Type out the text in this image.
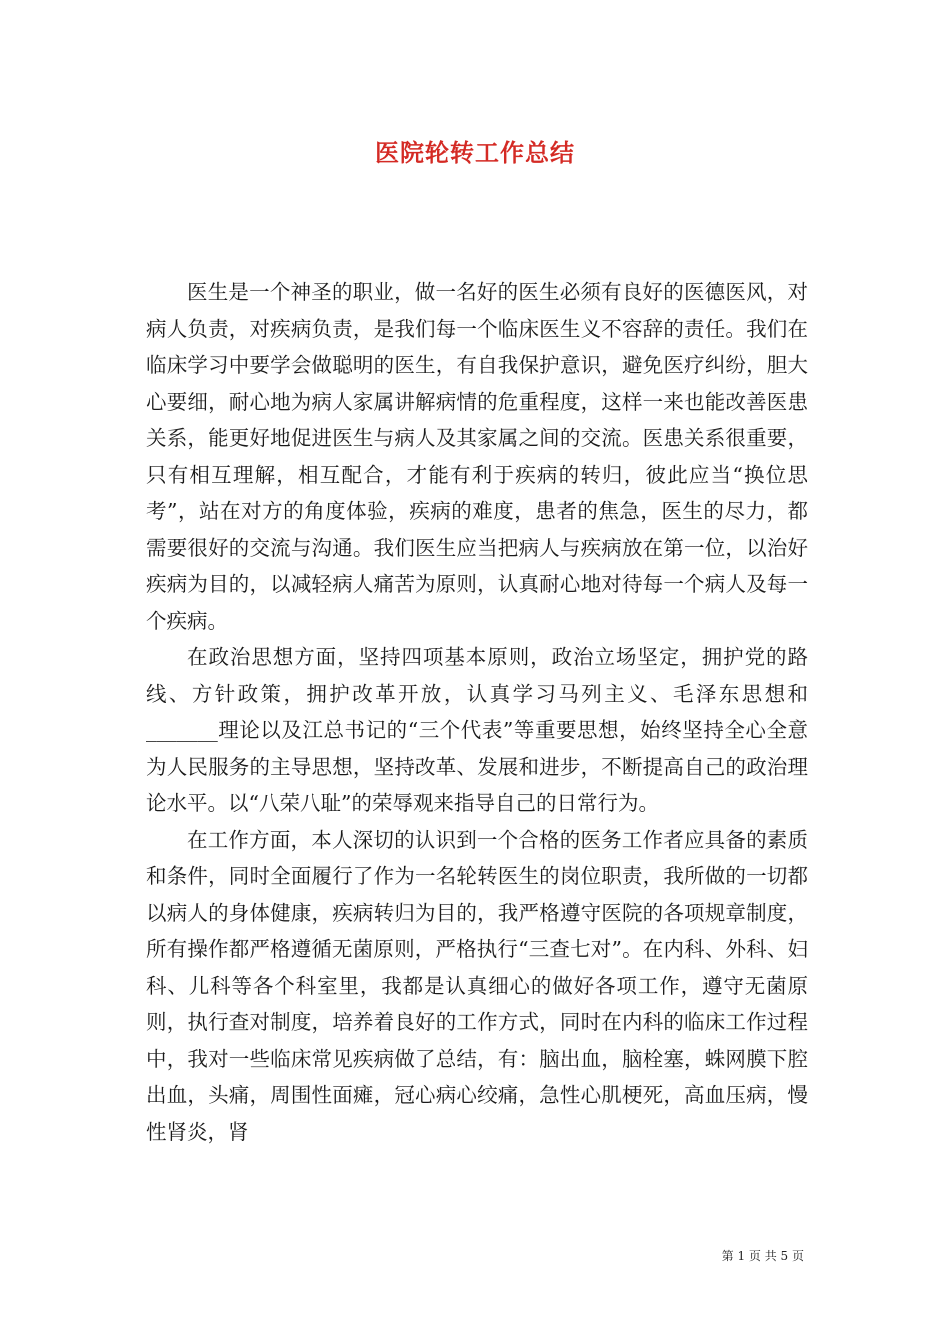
医院轮转工作总结

医生是一个神圣的职业，做一名好的医生必须有良好的医德医风，对病人负责，对疾病负责，是我们每一个临床医生义不容辞的责任。我们在临床学习中要学会做聪明的医生，有自我保护意识，避免医疗纠纷，胆大心要细，耐心地为病人家属讲解病情的危重程度，这样一来也能改善医患关系，能更好地促进医生与病人及其家属之间的交流。医患关系很重要，只有相互理解，相互配合，才能有利于疾病的转归，彼此应当“换位思考”，站在对方的角度体验，疾病的难度，患者的焦急，医生的尽力，都需要很好的交流与沟通。我们医生应当把病人与疾病放在第一位，以治好疾病为目的，以减轻病人痛苦为原则，认真耐心地对待每一个病人及每一个疾病。

在政治思想方面，坚持四项基本原则，政治立场坚定，拥护党的路线、方针政策，拥护改革开放，认真学习马列主义、毛泽东思想和_______理论以及江总书记的“三个代表”等重要思想，始终坚持全心全意为人民服务的主导思想，坚持改革、发展和进步，不断提高自己的政治理论水平。以“八荣八耻”的荣辱观来指导自己的日常行为。

在工作方面，本人深切的认识到一个合格的医务工作者应具备的素质和条件，同时全面履行了作为一名轮转医生的岗位职责，我所做的一切都以病人的身体健康，疾病转归为目的，我严格遵守医院的各项规章制度，所有操作都严格遵循无菌原则，严格执行“三查七对”。在内科、外科、妇科、儿科等各个科室里，我都是认真细心的做好各项工作，遵守无菌原则，执行查对制度，培养着良好的工作方式，同时在内科的临床工作过程中，我对一些临床常见疾病做了总结，有：脑出血，脑栓塞，蛛网膜下腔出血，头痛，周围性面瘫，冠心病心绞痛，急性心肌梗死，高血压病，慢性肾炎，肾

第 1 页 共 5 页
